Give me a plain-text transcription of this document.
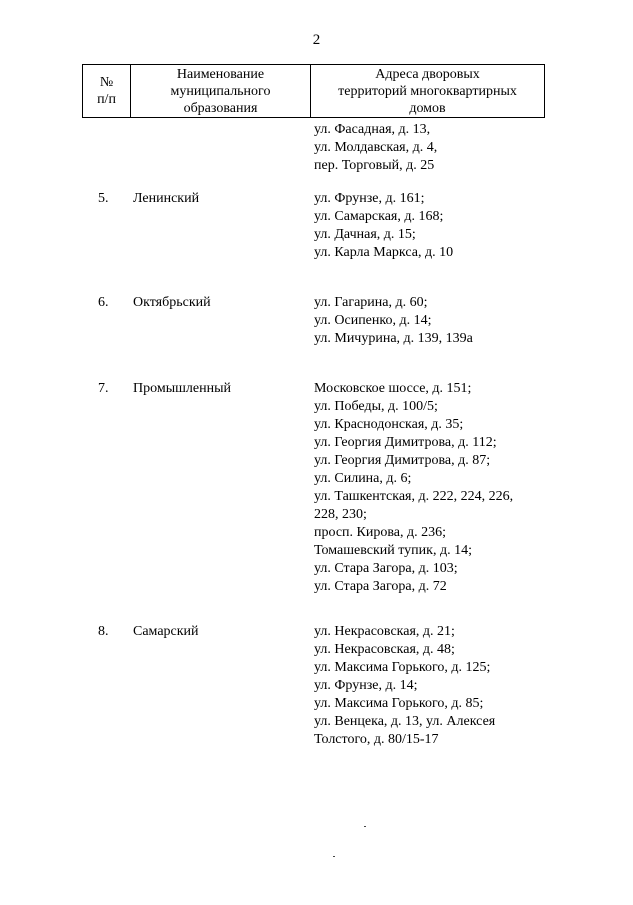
2
№
п/п

Наименование
муниципального
образования

Адреса дворовых
территорий многоквартирных
домов
ул. Фасадная, д. 13,
ул. Молдавская, д. 4,
пер. Торговый, д. 25
5. Ленинский	ул. Фрунзе, д. 161;
ул. Самарская, д. 168;
ул. Дачная, д. 15;
ул. Карла Маркса, д. 10
6. Октябрьский	ул. Гагарина, д. 60;
ул. Осипенко, д. 14;
ул. Мичурина, д. 139, 139а
7. Промышленный	Московское шоссе, д. 151;
ул. Победы, д. 100/5;
ул. Краснодонская, д. 35;
ул. Георгия Димитрова, д. 112;
ул. Георгия Димитрова, д. 87;
ул. Силина, д. 6;
ул. Ташкентская, д. 222, 224, 226,
228, 230;
просп. Кирова, д. 236;
Томашевский тупик, д. 14;
ул. Стара Загора, д. 103;
ул. Стара Загора, д. 72
8. Самарский	ул. Некрасовская, д. 21;
ул. Некрасовская, д. 48;
ул. Максима Горького, д. 125;
ул. Фрунзе, д. 14;
ул. Максима Горького, д. 85;
ул. Венцека, д. 13, ул. Алексея
Толстого, д. 80/15-17
